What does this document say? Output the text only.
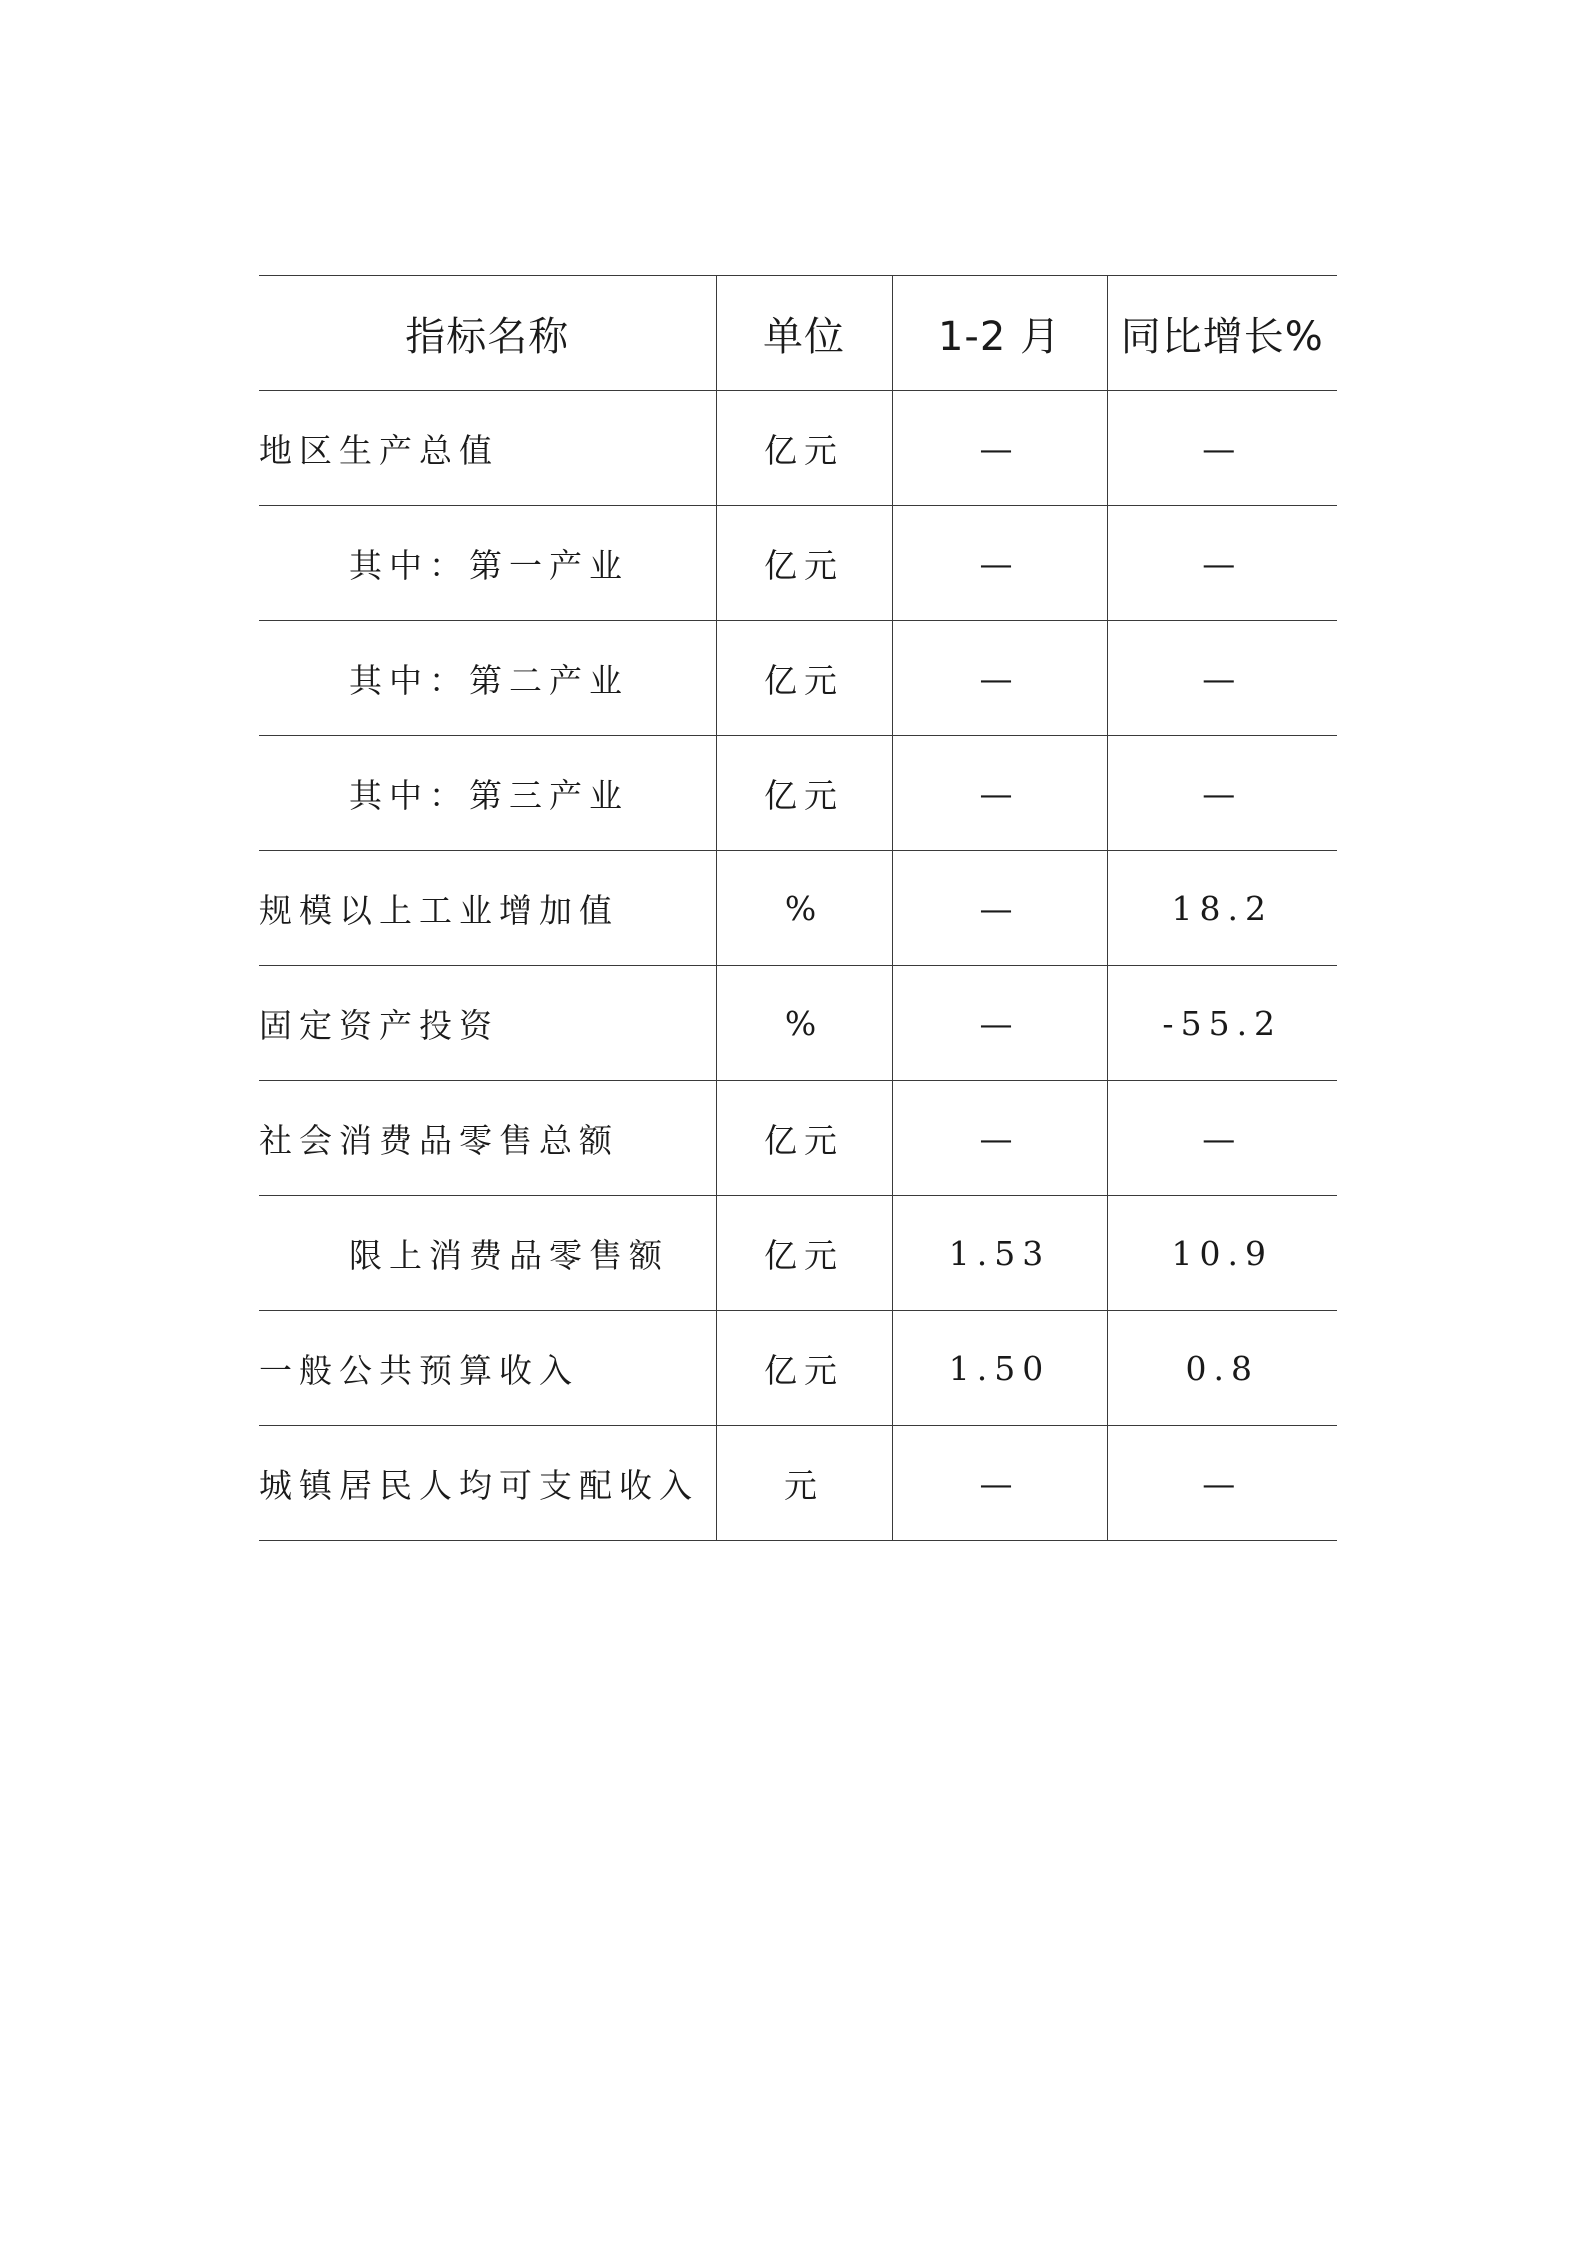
指标名称	单位	1-2 月	同比增长%
地区生产总值	亿元	—	—
其中：第一产业	亿元	—	—
其中：第二产业	亿元	—	—
其中：第三产业	亿元	—	—
规模以上工业增加值	%	—	18.2
固定资产投资	%	—	-55.2
社会消费品零售总额	亿元	—	—
限上消费品零售额	亿元	1.53	10.9
一般公共预算收入	亿元	1.50	0.8
城镇居民人均可支配收入	元	—	—
